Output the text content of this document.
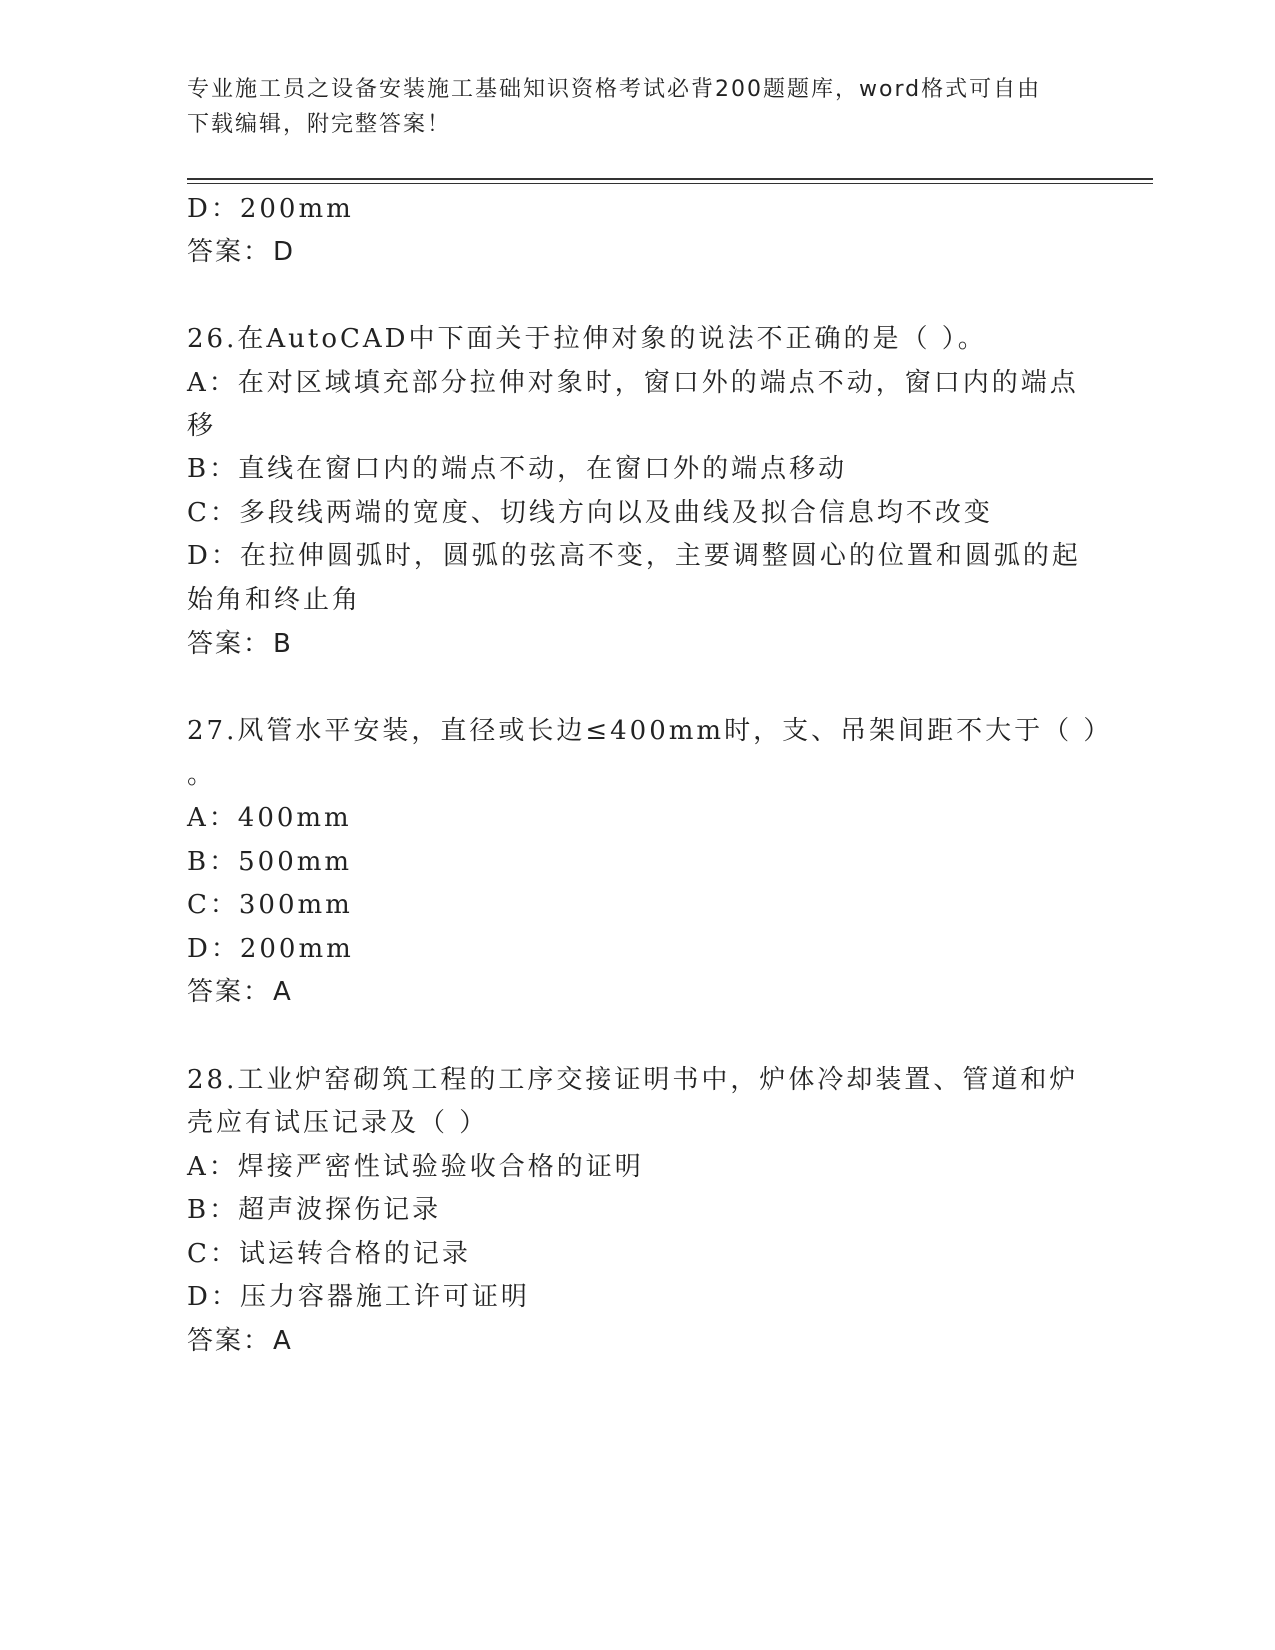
专业施工员之设备安装施工基础知识资格考试必背200题题库，word格式可自由
下载编辑，附完整答案！
D：200mm
答案：D
26.在AutoCAD中下面关于拉伸对象的说法不正确的是（ ）。
A：在对区域填充部分拉伸对象时，窗口外的端点不动，窗口内的端点
移
B：直线在窗口内的端点不动，在窗口外的端点移动
C：多段线两端的宽度、切线方向以及曲线及拟合信息均不改变
D：在拉伸圆弧时，圆弧的弦高不变，主要调整圆心的位置和圆弧的起
始角和终止角
答案：B
27.风管水平安装，直径或长边≤400mm时，支、吊架间距不大于（ ）
。
A：400mm
B：500mm
C：300mm
D：200mm
答案：A
28.工业炉窑砌筑工程的工序交接证明书中，炉体冷却装置、管道和炉
壳应有试压记录及（ ）
A：焊接严密性试验验收合格的证明
B：超声波探伤记录
C：试运转合格的记录
D：压力容器施工许可证明
答案：A
